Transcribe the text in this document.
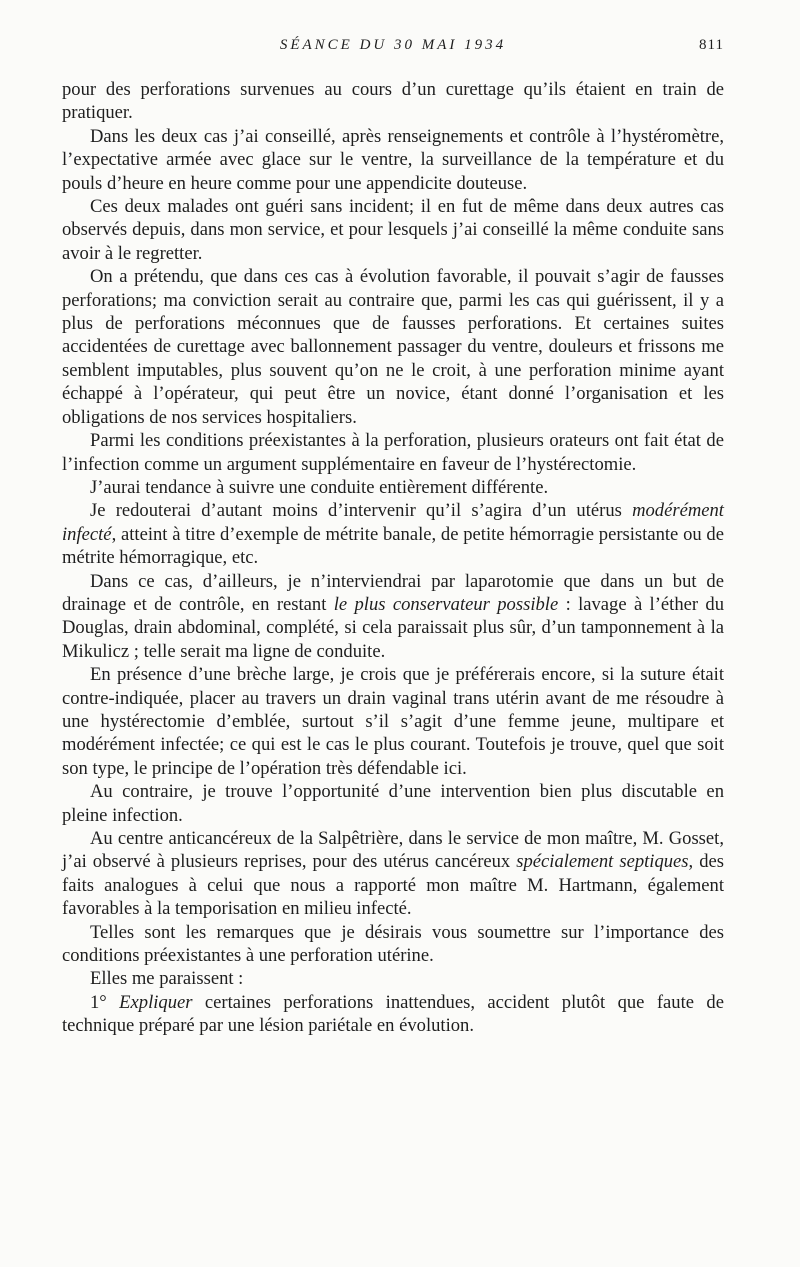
SÉANCE DU 30 MAI 1934	811

pour des perforations survenues au cours d’un curettage qu’ils étaient en train de pratiquer.

Dans les deux cas j’ai conseillé, après renseignements et contrôle à l’hystéromètre, l’expectative armée avec glace sur le ventre, la surveillance de la température et du pouls d’heure en heure comme pour une appendicite douteuse.

Ces deux malades ont guéri sans incident; il en fut de même dans deux autres cas observés depuis, dans mon service, et pour lesquels j’ai conseillé la même conduite sans avoir à le regretter.

On a prétendu, que dans ces cas à évolution favorable, il pouvait s’agir de fausses perforations; ma conviction serait au contraire que, parmi les cas qui guérissent, il y a plus de perforations méconnues que de fausses perforations. Et certaines suites accidentées de curettage avec ballonnement passager du ventre, douleurs et frissons me semblent imputables, plus souvent qu’on ne le croit, à une perforation minime ayant échappé à l’opérateur, qui peut être un novice, étant donné l’organisation et les obligations de nos services hospitaliers.

Parmi les conditions préexistantes à la perforation, plusieurs orateurs ont fait état de l’infection comme un argument supplémentaire en faveur de l’hystérectomie.

J’aurai tendance à suivre une conduite entièrement différente.

Je redouterai d’autant moins d’intervenir qu’il s’agira d’un utérus modérément infecté, atteint à titre d’exemple de métrite banale, de petite hémorragie persistante ou de métrite hémorragique, etc.

Dans ce cas, d’ailleurs, je n’interviendrai par laparotomie que dans un but de drainage et de contrôle, en restant le plus conservateur possible : lavage à l’éther du Douglas, drain abdominal, complété, si cela paraissait plus sûr, d’un tamponnement à la Mikulicz ; telle serait ma ligne de conduite.

En présence d’une brèche large, je crois que je préférerais encore, si la suture était contre-indiquée, placer au travers un drain vaginal trans utérin avant de me résoudre à une hystérectomie d’emblée, surtout s’il s’agit d’une femme jeune, multipare et modérément infectée; ce qui est le cas le plus courant. Toutefois je trouve, quel que soit son type, le principe de l’opération très défendable ici.

Au contraire, je trouve l’opportunité d’une intervention bien plus discutable en pleine infection.

Au centre anticancéreux de la Salpêtrière, dans le service de mon maître, M. Gosset, j’ai observé à plusieurs reprises, pour des utérus cancéreux spécialement septiques, des faits analogues à celui que nous a rapporté mon maître M. Hartmann, également favorables à la temporisation en milieu infecté.

Telles sont les remarques que je désirais vous soumettre sur l’importance des conditions préexistantes à une perforation utérine.

Elles me paraissent :

1° Expliquer certaines perforations inattendues, accident plutôt que faute de technique préparé par une lésion pariétale en évolution.
